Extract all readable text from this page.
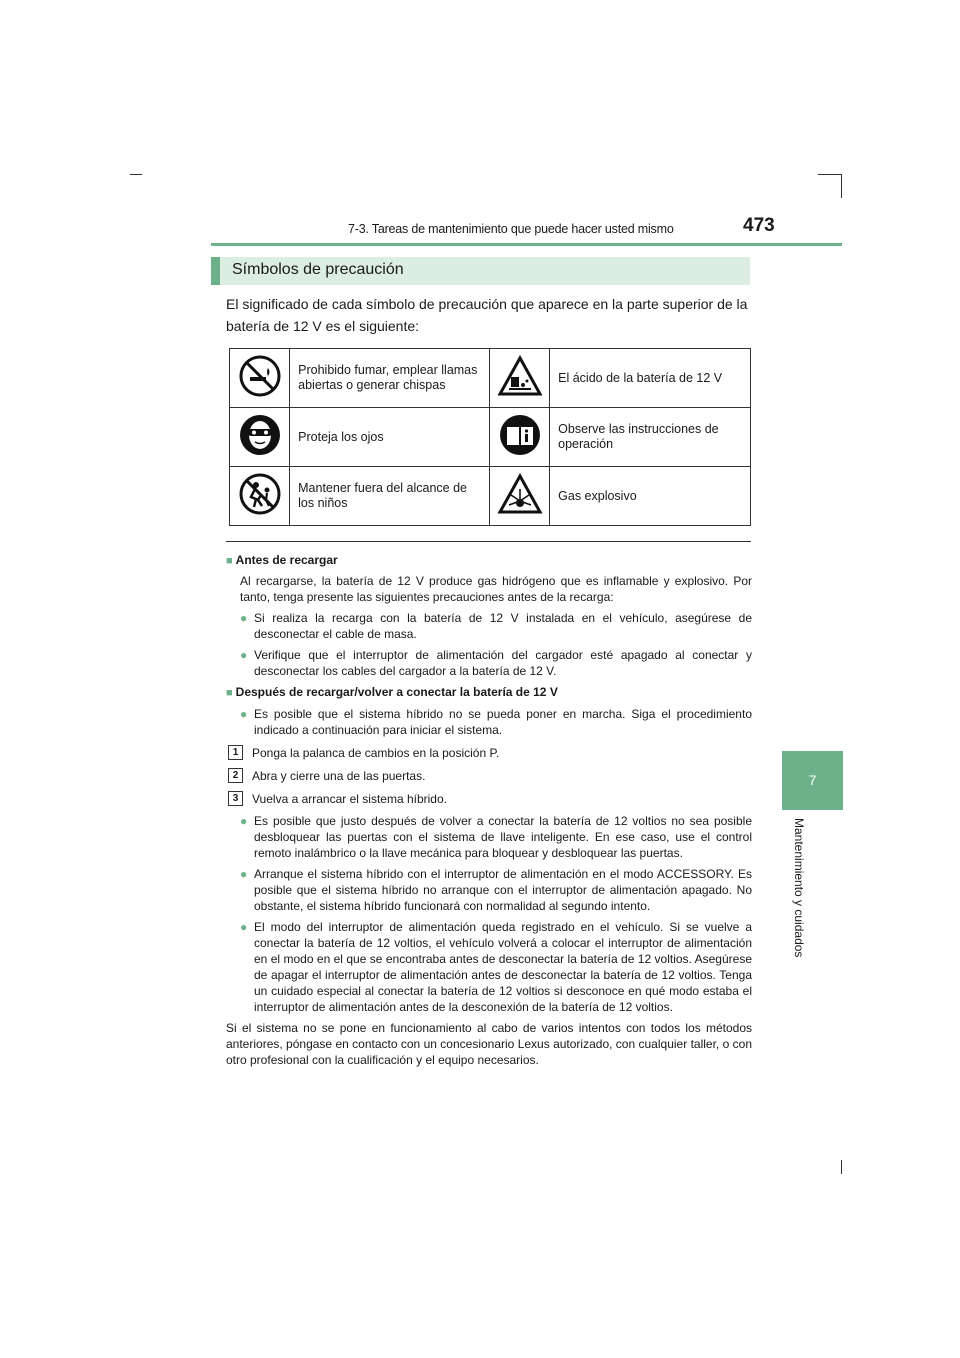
7-3. Tareas de mantenimiento que puede hacer usted mismo	473
7
Mantenimiento y cuidados
Símbolos de precaución
El significado de cada símbolo de precaución que aparece en la parte superior de la batería de 12 V es el siguiente:
	Prohibido fumar, emplear llamas abiertas o generar chispas		El ácido de la batería de 12 V
	Proteja los ojos		Observe las instrucciones de operación
	Mantener fuera del alcance de los niños		Gas explosivo
■ Antes de recargar
Al recargarse, la batería de 12 V produce gas hidrógeno que es inflamable y explosivo. Por tanto, tenga presente las siguientes precauciones antes de la recarga:
● Si realiza la recarga con la batería de 12 V instalada en el vehículo, asegúrese de desconectar el cable de masa.
● Verifique que el interruptor de alimentación del cargador esté apagado al conectar y desconectar los cables del cargador a la batería de 12 V.
■ Después de recargar/volver a conectar la batería de 12 V
● Es posible que el sistema híbrido no se pueda poner en marcha. Siga el procedimiento indicado a continuación para iniciar el sistema.
1	Ponga la palanca de cambios en la posición P.
2	Abra y cierre una de las puertas.
3	Vuelva a arrancar el sistema híbrido.
● Es posible que justo después de volver a conectar la batería de 12 voltios no sea posible desbloquear las puertas con el sistema de llave inteligente. En ese caso, use el control remoto inalámbrico o la llave mecánica para bloquear y desbloquear las puertas.
● Arranque el sistema híbrido con el interruptor de alimentación en el modo ACCESSORY. Es posible que el sistema híbrido no arranque con el interruptor de alimentación apagado. No obstante, el sistema híbrido funcionará con normalidad al segundo intento.
● El modo del interruptor de alimentación queda registrado en el vehículo. Si se vuelve a conectar la batería de 12 voltios, el vehículo volverá a colocar el interruptor de alimentación en el modo en el que se encontraba antes de desconectar la batería de 12 voltios. Asegúrese de apagar el interruptor de alimentación antes de desconectar la batería de 12 voltios. Tenga un cuidado especial al conectar la batería de 12 voltios si desconoce en qué modo estaba el interruptor de alimentación antes de la desconexión de la batería de 12 voltios.
Si el sistema no se pone en funcionamiento al cabo de varios intentos con todos los métodos anteriores, póngase en contacto con un concesionario Lexus autorizado, con cualquier taller, o con otro profesional con la cualificación y el equipo necesarios.
